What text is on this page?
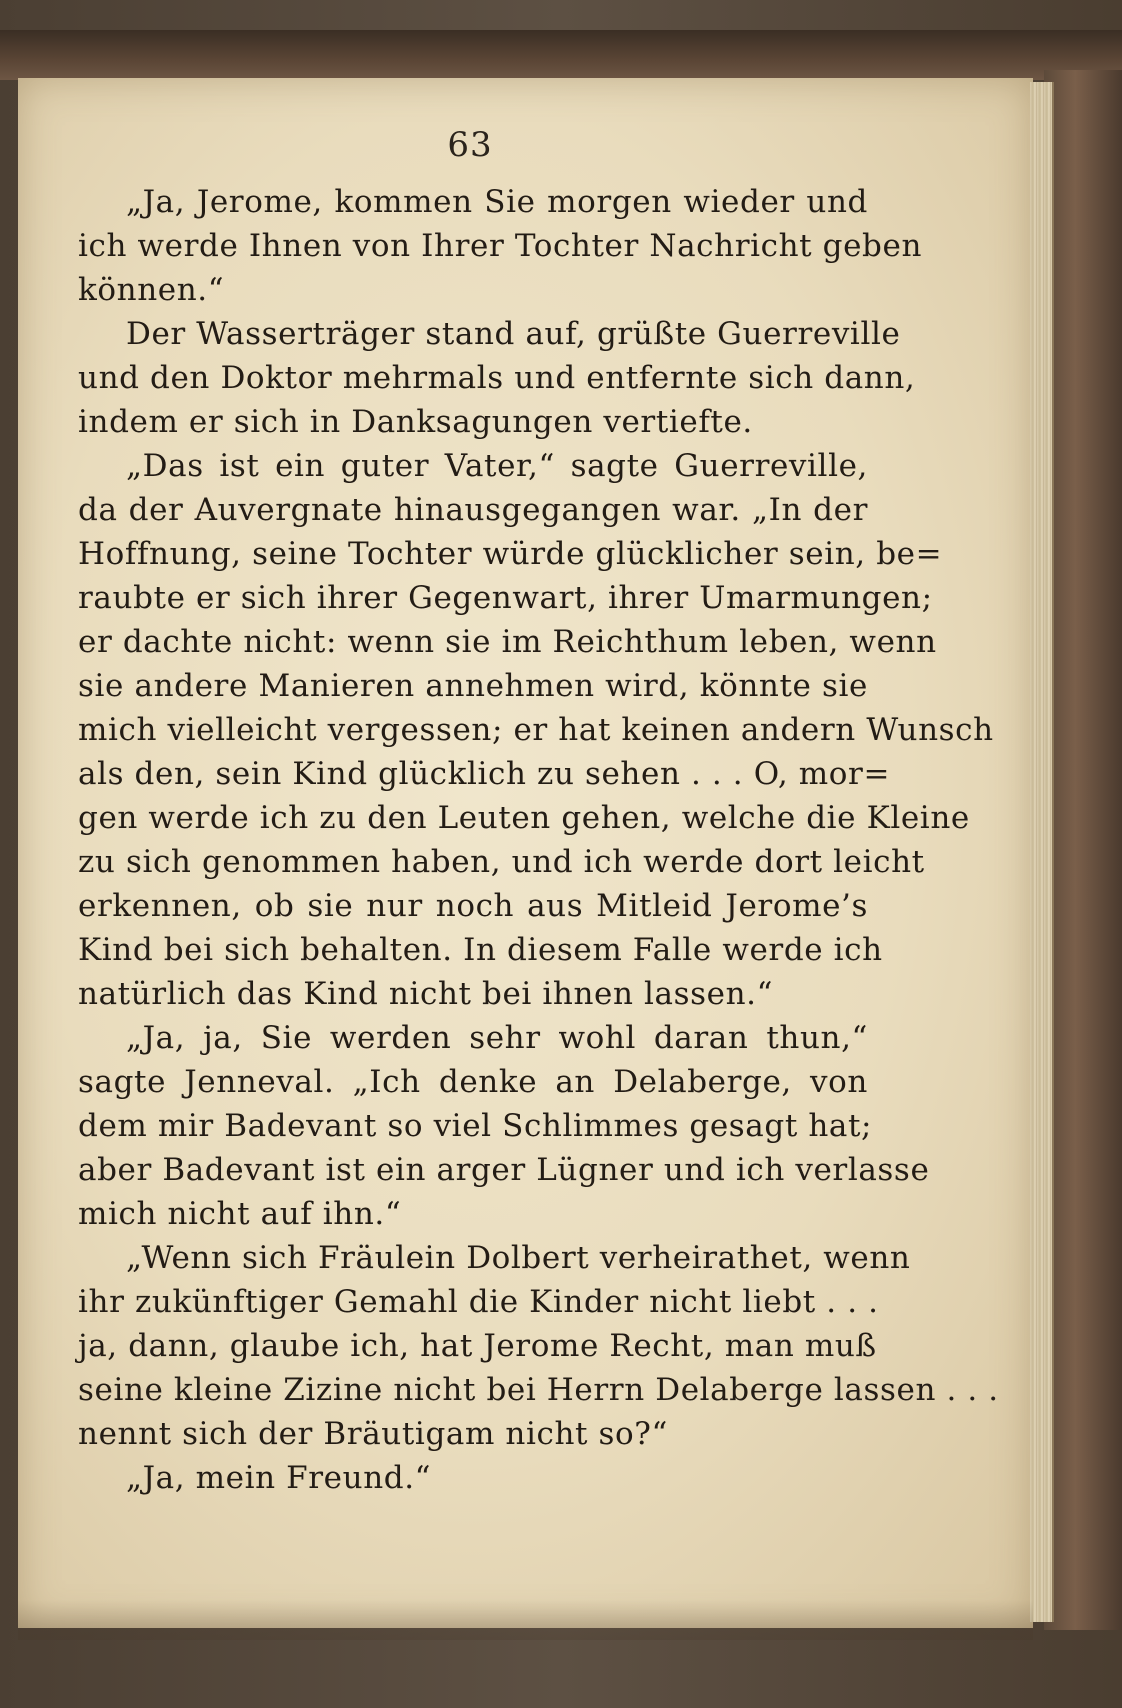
63
„Ja, Jerome, kommen Sie morgen wieder und
ich werde Ihnen von Ihrer Tochter Nachricht geben
können.“
Der Wasserträger stand auf, grüßte Guerreville
und den Doktor mehrmals und entfernte sich dann,
indem er sich in Danksagungen vertiefte.
„Das ist ein guter Vater,“ sagte Guerreville,
da der Auvergnate hinausgegangen war. „In der
Hoffnung, seine Tochter würde glücklicher sein, be=
raubte er sich ihrer Gegenwart, ihrer Umarmungen;
er dachte nicht: wenn sie im Reichthum leben, wenn
sie andere Manieren annehmen wird, könnte sie
mich vielleicht vergessen; er hat keinen andern Wunsch
als den, sein Kind glücklich zu sehen . . . O, mor=
gen werde ich zu den Leuten gehen, welche die Kleine
zu sich genommen haben, und ich werde dort leicht
erkennen, ob sie nur noch aus Mitleid Jerome’s
Kind bei sich behalten. In diesem Falle werde ich
natürlich das Kind nicht bei ihnen lassen.“
„Ja, ja, Sie werden sehr wohl daran thun,“
sagte Jenneval. „Ich denke an Delaberge, von
dem mir Badevant so viel Schlimmes gesagt hat;
aber Badevant ist ein arger Lügner und ich verlasse
mich nicht auf ihn.“
„Wenn sich Fräulein Dolbert verheirathet, wenn
ihr zukünftiger Gemahl die Kinder nicht liebt . . .
ja, dann, glaube ich, hat Jerome Recht, man muß
seine kleine Zizine nicht bei Herrn Delaberge lassen . . .
nennt sich der Bräutigam nicht so?“
„Ja, mein Freund.“
